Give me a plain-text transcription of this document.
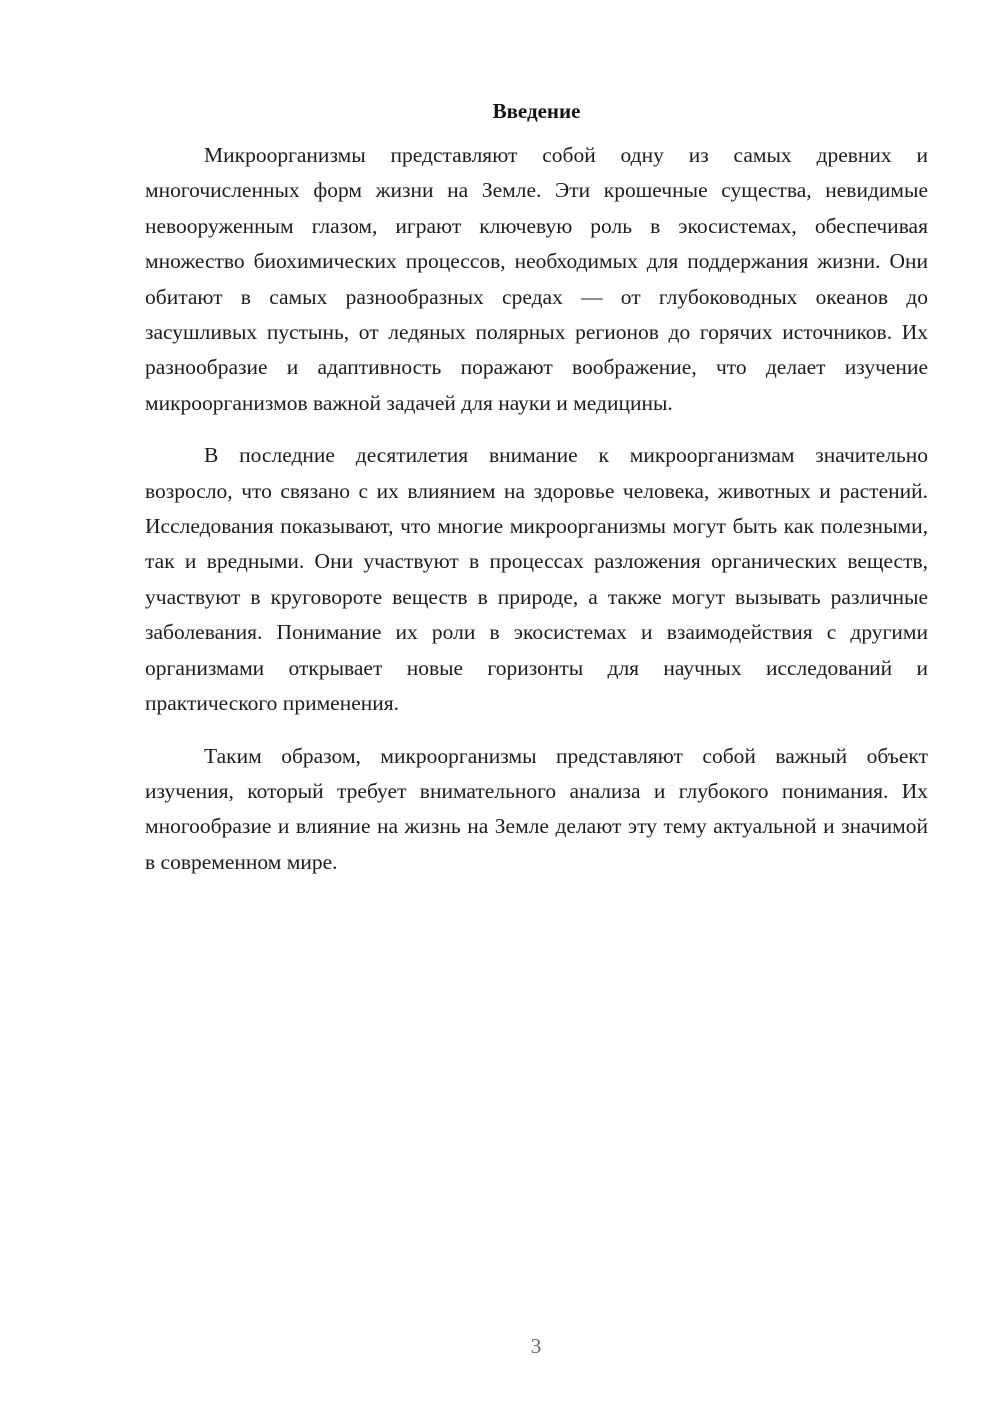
Введение

Микроорганизмы представляют собой одну из самых древних и многочисленных форм жизни на Земле. Эти крошечные существа, невидимые невооруженным глазом, играют ключевую роль в экосистемах, обеспечивая множество биохимических процессов, необходимых для поддержания жизни. Они обитают в самых разнообразных средах — от глубоководных океанов до засушливых пустынь, от ледяных полярных регионов до горячих источников. Их разнообразие и адаптивность поражают воображение, что делает изучение микроорганизмов важной задачей для науки и медицины.

В последние десятилетия внимание к микроорганизмам значительно возросло, что связано с их влиянием на здоровье человека, животных и растений. Исследования показывают, что многие микроорганизмы могут быть как полезными, так и вредными. Они участвуют в процессах разложения органических веществ, участвуют в круговороте веществ в природе, а также могут вызывать различные заболевания. Понимание их роли в экосистемах и взаимодействия с другими организмами открывает новые горизонты для научных исследований и практического применения.

Таким образом, микроорганизмы представляют собой важный объект изучения, который требует внимательного анализа и глубокого понимания. Их многообразие и влияние на жизнь на Земле делают эту тему актуальной и значимой в современном мире.

3
